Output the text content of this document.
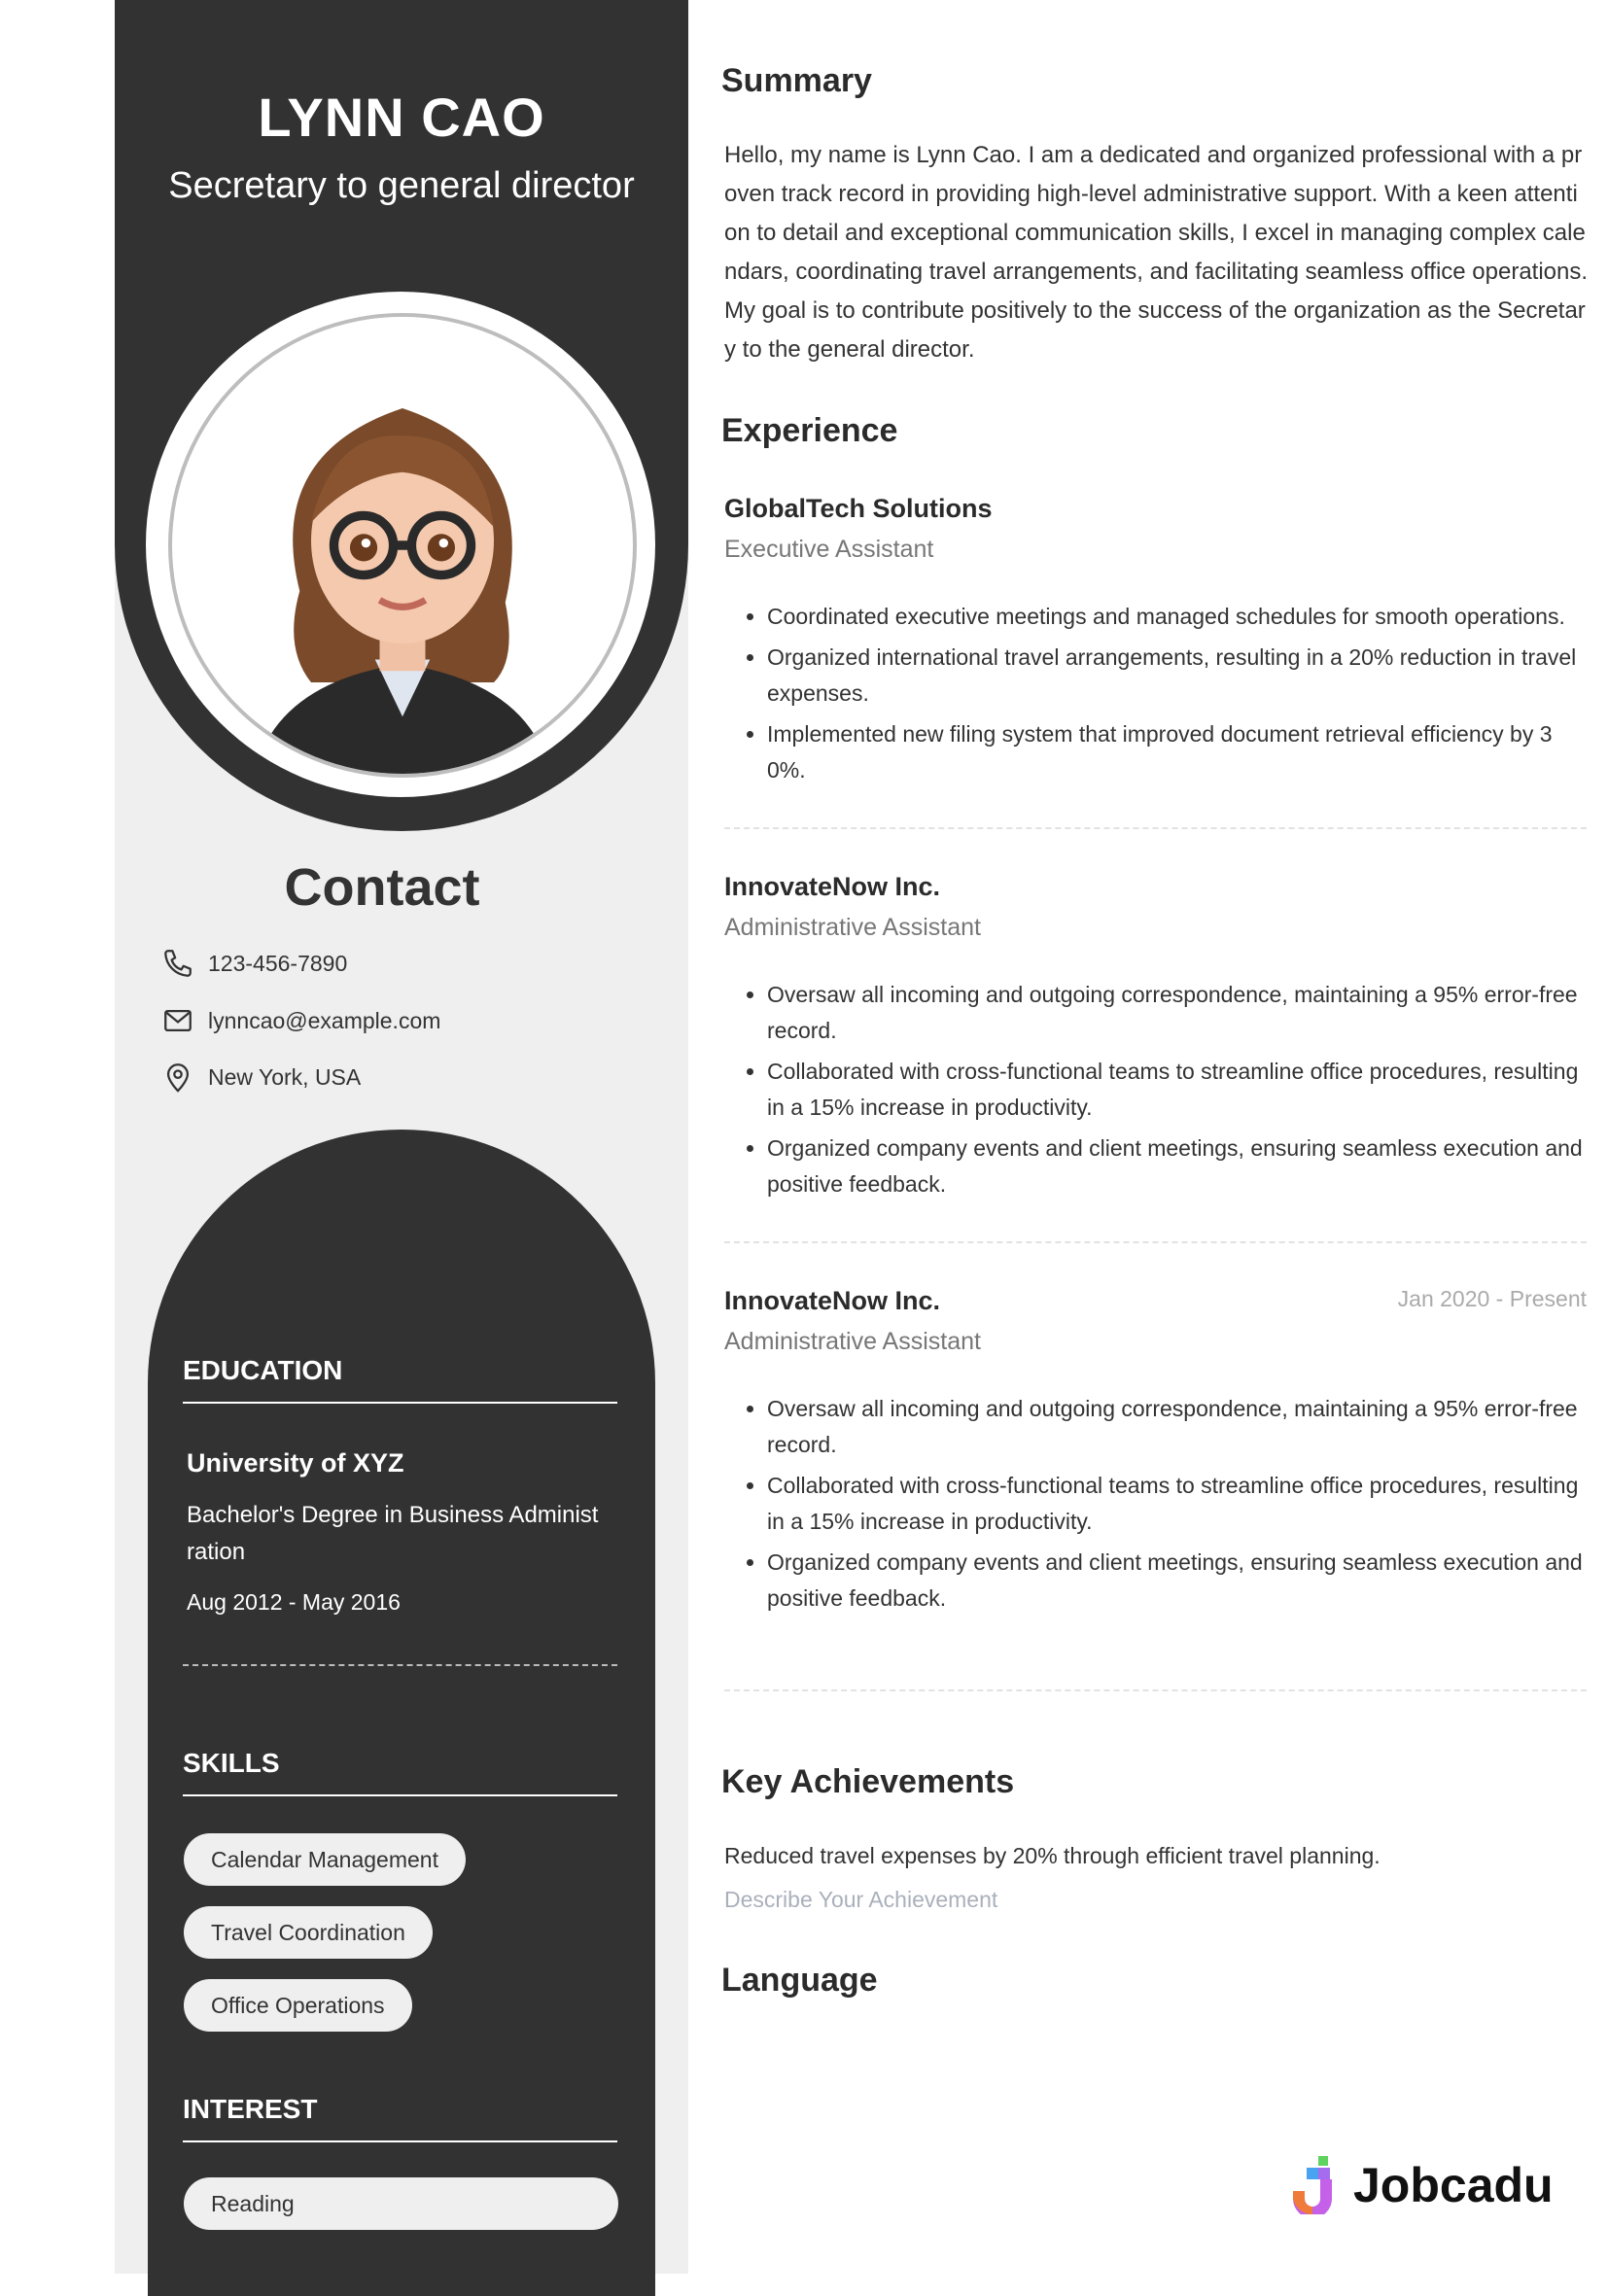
LYNN CAO
Secretary to general director
Contact
123-456-7890
lynncao@example.com
New York, USA
EDUCATION
University of XYZ
Bachelor's Degree in Business Administ ration
Aug 2012 - May 2016
SKILLS
Calendar Management
Travel Coordination
Office Operations
INTEREST
Reading
Summary
Hello, my name is Lynn Cao. I am a dedicated and organized professional with a proven track record in providing high-level administrative support. With a keen attention to detail and exceptional communication skills, I excel in managing complex calendars, coordinating travel arrangements, and facilitating seamless office operations. My goal is to contribute positively to the success of the organization as the Secretary to the general director.
Experience
GlobalTech Solutions
Executive Assistant
• Coordinated executive meetings and managed schedules for smooth operations.
• Organized international travel arrangements, resulting in a 20% reduction in travel expenses.
• Implemented new filing system that improved document retrieval efficiency by 30%.
InnovateNow Inc.
Administrative Assistant
• Oversaw all incoming and outgoing correspondence, maintaining a 95% error-free record.
• Collaborated with cross-functional teams to streamline office procedures, resulting in a 15% increase in productivity.
• Organized company events and client meetings, ensuring seamless execution and positive feedback.
InnovateNow Inc.	Jan 2020 - Present
Administrative Assistant
• Oversaw all incoming and outgoing correspondence, maintaining a 95% error-free record.
• Collaborated with cross-functional teams to streamline office procedures, resulting in a 15% increase in productivity.
• Organized company events and client meetings, ensuring seamless execution and positive feedback.
Key Achievements
Reduced travel expenses by 20% through efficient travel planning.
Describe Your Achievement
Language
Jobcadu
